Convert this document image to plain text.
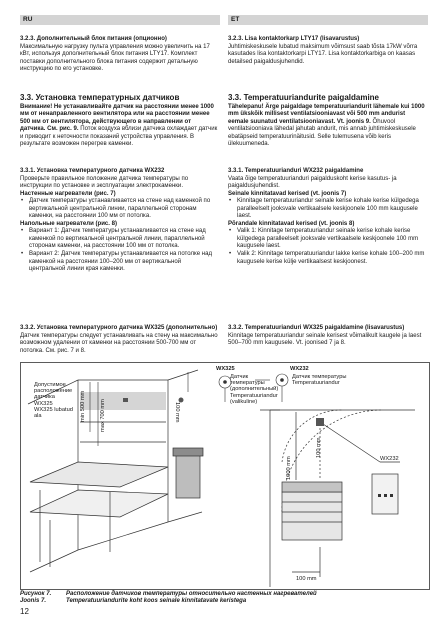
RU	ET

3.2.3. Дополнительный блок питания (опционно)

Максимальную нагрузку пульта управления можно увеличить на 17 кВт, используя дополнительный блок питания LTY17. Комплект поставки дополнительного блока питания содержит детальную инструкцию по его установке.

3.3. Установка температурных датчиков

Внимание! Не устанавливайте датчик на расстоянии менее 1000 мм от ненаправленного вентилятора или на расстоянии менее 500 мм от вентилятора, действующего в направлении от датчика. См. рис. 9. Поток воздуха вблизи датчика охлаждает датчик и приводит к неточности показаний устройства управления. В результате возможен перегрев каменки.

3.3.1. Установка температурного датчика WX232

Проверьте правильное положение датчика температуры по инструкции по установке и эксплуатации электрокаменки.

Настенные нагреватели (рис. 7)

• Датчик температуры устанавливается на стене над каменкой по вертикальной центральной линии, параллельной сторонам каменки, на расстоянии 100 мм от потолка.

Напольные нагреватели (рис. 8)

• Вариант 1: Датчик температуры устанавливается на стене над каменкой по вертикальной центральной линии, параллельной сторонам каменки, на расстоянии 100 мм от потолка.
• Вариант 2: Датчик температуры устанавливается на потолке над каменкой на расстоянии 100–200 мм от вертикальной центральной линии края каменки.

3.3.2. Установка температурного датчика WX325 (дополнительно)

Датчик температуры следует устанавливать на стену на максимально возможном удалении от каменки на расстоянии 500-700 мм от потолка. См. рис. 7 и 8.

3.2.3. Lisa kontaktorkarp LTY17 (lisavarustus)

Juhtimiskeskusele lubatud maksimum võimsust saab tõsta 17kW võrra kasutades lisa kontaktorkarpi LTY17. Lisa kontaktorkarbiga on kaasas detailsed paigaldusjuhendid.

3.3. Temperatuuriandurite paigaldamine

Tähelepanu! Ärge paigaldage temperatuuriandurit lähemale kui 1000 mm ükskõik millisest ventilatsiooniavast või 500 mm andurist eemale suunatud ventilatsiooniavast. Vt. joonis 9. Õhuvool ventilatsiooniava lähedal jahutab andurit, mis annab juhtimiskeskusele ebatäpseid temperatuurinäitusid. Selle tulemusena võib keris ülekuumeneda.

3.3.1. Temperatuuriandurі WX232 paigaldamine

Vaata õige temperatuuriandurі paigalduskoht kerise kasutus- ja paigaldusjuhendist.

Seinale kinnitatavad kerised (vt. joonis 7)

• Kinnitage temperatuuriandur seinale kerise kohale kerise külgedega paralleelselt jooksvale vertikaalsele keskjoonele 100 mm kaugusele laest.

Põrandale kinnitatavad kerised (vt. joonis 8)

• Valik 1: Kinnitage temperatuuriandur seinale kerise kohale kerise külgedega paralleelselt jooksvale vertikaalsele keskjoonele 100 mm kaugusele laest.
• Valik 2: Kinnitage temperatuuriandur lakke kerise kohale 100–200 mm kaugusele kerise külje vertikaalsest keskjoonest.

3.3.2. Temperatuuriandurі WX325 paigaldamine (lisavarustus)

Kinnitage temperatuuriandur seinale kerisest võimalikult kaugele ja laest 500–700 mm kaugusele. Vt. joonised 7 ja 8.

Допустимое
расположение
датчика
WX325
WX325 lubatud
ala	min 500 mm max 700 mm	100 mm
WX325
Датчик температуры
(дополнительный)
Temperatuuriandur
(valikuline)
WX232
Датчик температуры
Temperatuuriandur
1000 mm
100 mm
100 mm
WX232
Рисунок 7. Расположение датчиков температуры относительно настенных нагревателей
Joonis 7.	Temperatuuriandurite koht koos seinale kinnitatavate keristega
12
